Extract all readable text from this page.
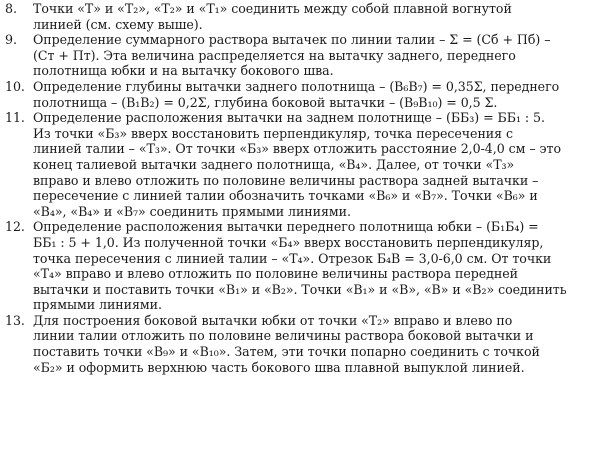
8.	Точки «Т» и «Т₂», «Т₂» и «Т₁» соединить между собой плавной вогнутой
линией (см. схему выше).
9.	Определение суммарного раствора вытачек по линии талии – Σ = (Сб + Пб) –
(Ст + Пт). Эта величина распределяется на вытачку заднего, переднего
полотнища юбки и на вытачку бокового шва.
10. Определение глубины вытачки заднего полотнища – (В₆В₇) = 0,35Σ, переднего
полотнища – (В₁В₂) = 0,2Σ, глубина боковой вытачки – (В₉В₁₀) = 0,5 Σ.
11. Определение расположения вытачки на заднем полотнище – (ББ₃) = ББ₁ : 5.
Из точки «Б₃» вверх восстановить перпендикуляр, точка пересечения с
линией талии – «Т₃». От точки «Б₃» вверх отложить расстояние 2,0-4,0 см – это
конец талиевой вытачки заднего полотнища, «В₄». Далее, от точки «Т₃»
вправо и влево отложить по половине величины раствора задней вытачки –
пересечение с линией талии обозначить точками «В₆» и «В₇». Точки «В₆» и
«В₄», «В₄» и «В₇» соединить прямыми линиями.
12. Определение расположения вытачки переднего полотнища юбки – (Б₁Б₄) =
ББ₁ : 5 + 1,0. Из полученной точки «Б₄» вверх восстановить перпендикуляр,
точка пересечения с линией талии – «Т₄». Отрезок Б₄В = 3,0-6,0 см. От точки
«Т₄» вправо и влево отложить по половине величины раствора передней
вытачки и поставить точки «В₁» и «В₂». Точки «В₁» и «В», «В» и «В₂» соединить
прямыми линиями.
13. Для построения боковой вытачки юбки от точки «Т₂» вправо и влево по
линии талии отложить по половине величины раствора боковой вытачки и
поставить точки «В₉» и «В₁₀». Затем, эти точки попарно соединить с точкой
«Б₂» и оформить верхнюю часть бокового шва плавной выпуклой линией.
